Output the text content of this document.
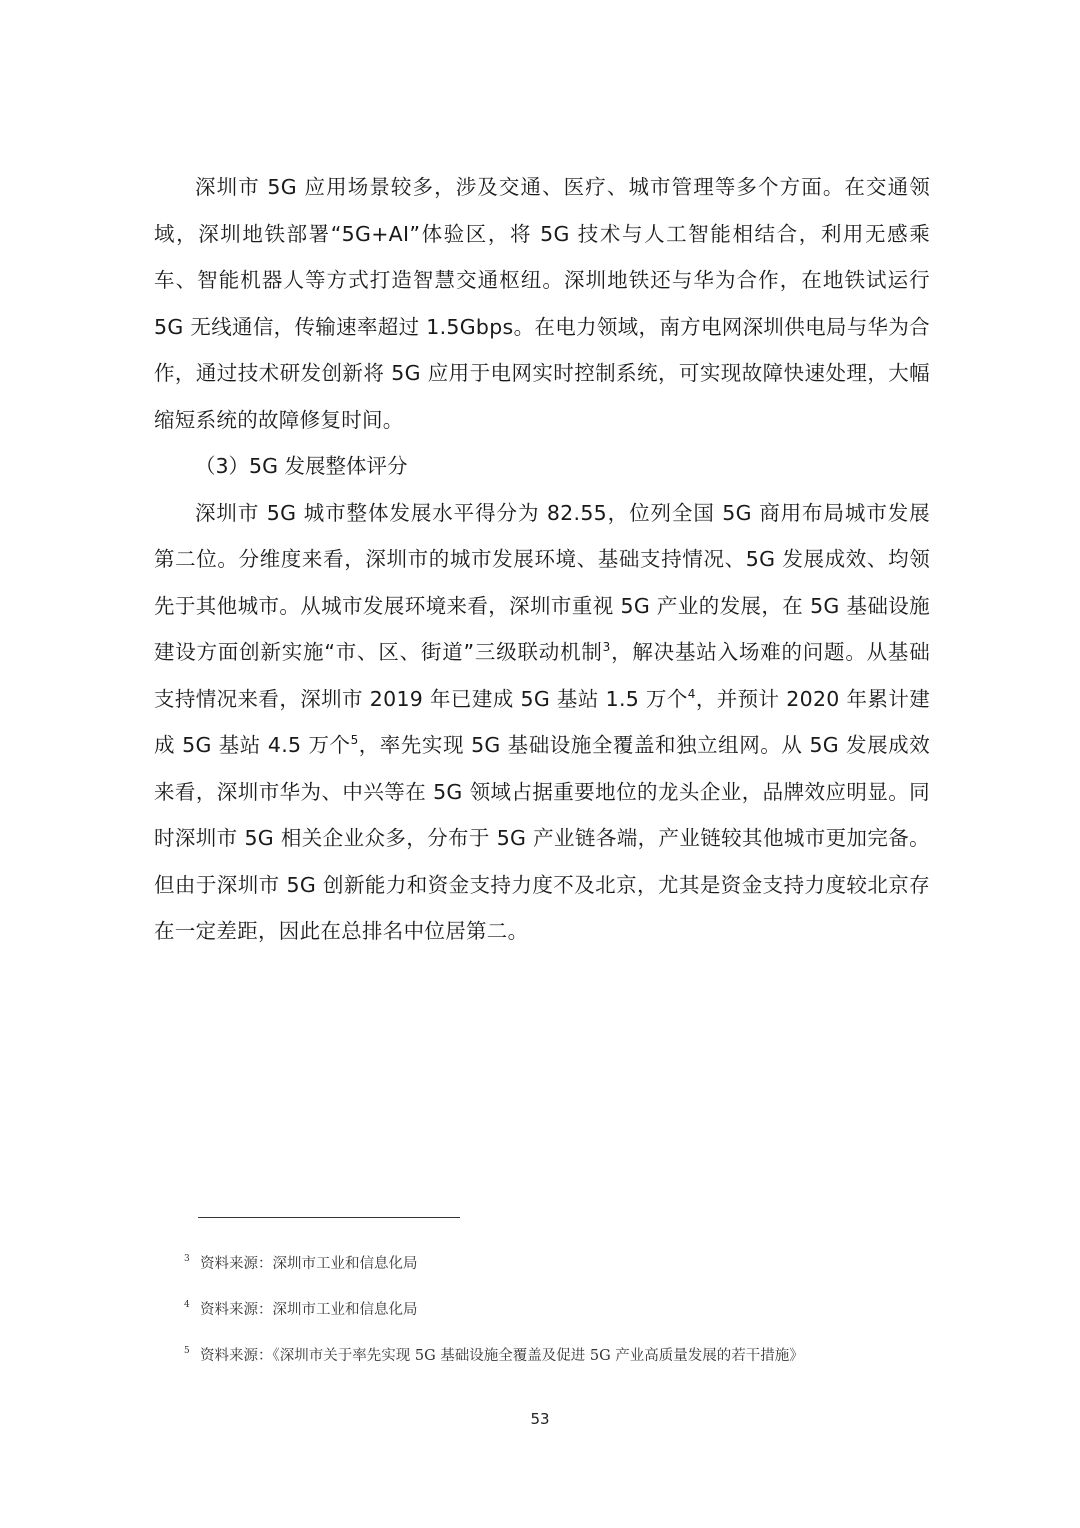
深圳市 5G 应用场景较多，涉及交通、医疗、城市管理等多个方面。在交通领域，深圳地铁部署“5G+AI”体验区，将 5G 技术与人工智能相结合，利用无感乘车、智能机器人等方式打造智慧交通枢纽。深圳地铁还与华为合作，在地铁试运行 5G 无线通信，传输速率超过 1.5Gbps。在电力领域，南方电网深圳供电局与华为合作，通过技术研发创新将 5G 应用于电网实时控制系统，可实现故障快速处理，大幅缩短系统的故障修复时间。

（3）5G 发展整体评分

深圳市 5G 城市整体发展水平得分为 82.55，位列全国 5G 商用布局城市发展第二位。分维度来看，深圳市的城市发展环境、基础支持情况、5G 发展成效、均领先于其他城市。从城市发展环境来看，深圳市重视 5G 产业的发展，在 5G 基础设施建设方面创新实施“市、区、街道”三级联动机制$^3$，解决基站入场难的问题。从基础支持情况来看，深圳市 2019 年已建成 5G 基站 1.5 万个$^4$，并预计 2020 年累计建成 5G 基站 4.5 万个$^5$，率先实现 5G 基础设施全覆盖和独立组网。从 5G 发展成效来看，深圳市华为、中兴等在 5G 领域占据重要地位的龙头企业，品牌效应明显。同时深圳市 5G 相关企业众多，分布于 5G 产业链各端，产业链较其他城市更加完备。但由于深圳市 5G 创新能力和资金支持力度不及北京，尤其是资金支持力度较北京存在一定差距，因此在总排名中位居第二。

3 资料来源：深圳市工业和信息化局
4 资料来源：深圳市工业和信息化局
5 资料来源：《深圳市关于率先实现 5G 基础设施全覆盖及促进 5G 产业高质量发展的若干措施》
53
